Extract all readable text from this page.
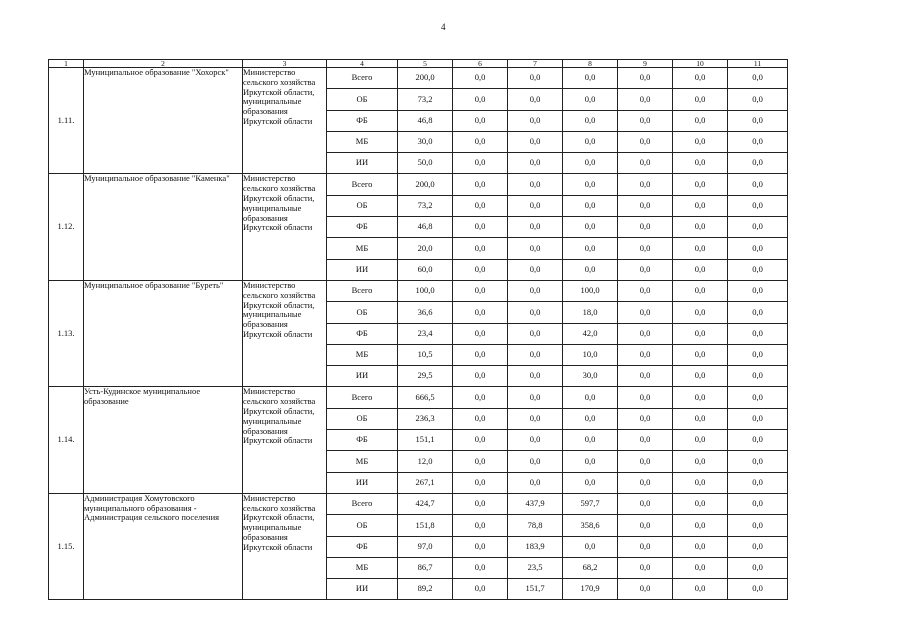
4
1	2	3	4	5	6	7	8	9	10	11
1.11.	Муниципальное образование "Хохорск"	Министерство сельского хозяйства Иркутской области, муниципальные образования Иркутской области	Всего	200,0	0,0	0,0	0,0	0,0	0,0	0,0
			ОБ	73,2	0,0	0,0	0,0	0,0	0,0	0,0
			ФБ	46,8	0,0	0,0	0,0	0,0	0,0	0,0
			МБ	30,0	0,0	0,0	0,0	0,0	0,0	0,0
			ИИ	50,0	0,0	0,0	0,0	0,0	0,0	0,0
1.12.	Муниципальное образование "Каменка"	Министерство сельского хозяйства Иркутской области, муниципальные образования Иркутской области	Всего	200,0	0,0	0,0	0,0	0,0	0,0	0,0
			ОБ	73,2	0,0	0,0	0,0	0,0	0,0	0,0
			ФБ	46,8	0,0	0,0	0,0	0,0	0,0	0,0
			МБ	20,0	0,0	0,0	0,0	0,0	0,0	0,0
			ИИ	60,0	0,0	0,0	0,0	0,0	0,0	0,0
1.13.	Муниципальное образование "Буреть"	Министерство сельского хозяйства Иркутской области, муниципальные образования Иркутской области	Всего	100,0	0,0	0,0	100,0	0,0	0,0	0,0
			ОБ	36,6	0,0	0,0	18,0	0,0	0,0	0,0
			ФБ	23,4	0,0	0,0	42,0	0,0	0,0	0,0
			МБ	10,5	0,0	0,0	10,0	0,0	0,0	0,0
			ИИ	29,5	0,0	0,0	30,0	0,0	0,0	0,0
1.14.	Усть-Кудинское муниципальное образование	Министерство сельского хозяйства Иркутской области, муниципальные образования Иркутской области	Всего	666,5	0,0	0,0	0,0	0,0	0,0	0,0
			ОБ	236,3	0,0	0,0	0,0	0,0	0,0	0,0
			ФБ	151,1	0,0	0,0	0,0	0,0	0,0	0,0
			МБ	12,0	0,0	0,0	0,0	0,0	0,0	0,0
			ИИ	267,1	0,0	0,0	0,0	0,0	0,0	0,0
1.15.	Администрация Хомутовского муниципального образования - Администрация сельского поселения	Министерство сельского хозяйства Иркутской области, муниципальные образования Иркутской области	Всего	424,7	0,0	437,9	597,7	0,0	0,0	0,0
			ОБ	151,8	0,0	78,8	358,6	0,0	0,0	0,0
			ФБ	97,0	0,0	183,9	0,0	0,0	0,0	0,0
			МБ	86,7	0,0	23,5	68,2	0,0	0,0	0,0
			ИИ	89,2	0,0	151,7	170,9	0,0	0,0	0,0
